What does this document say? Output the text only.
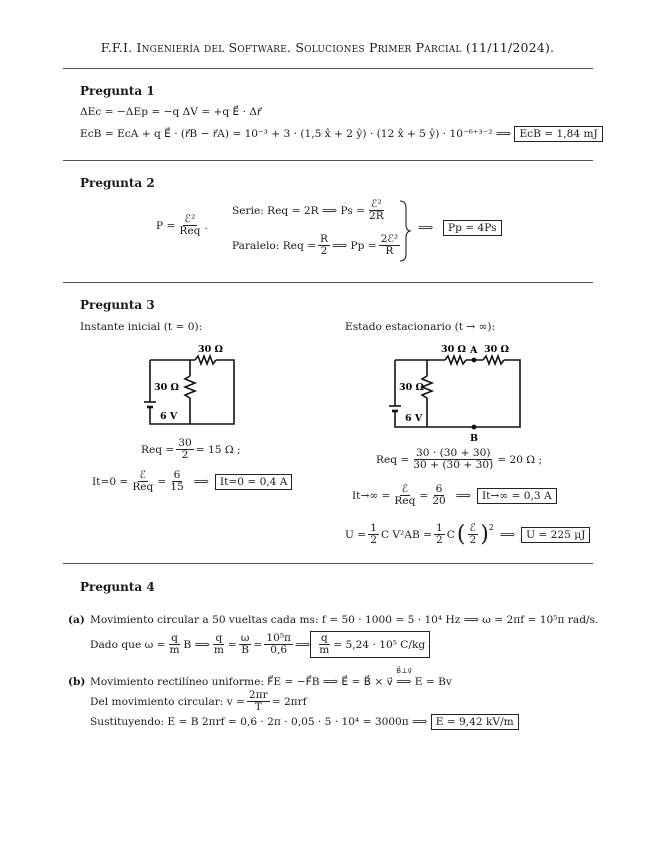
F.F.I. Ingeniería del Software. Soluciones Primer Parcial (11/11/2024).
Pregunta 1
ΔEc = −ΔEp = −q ΔV = +q E⃗ · Δr⃗
EcB = EcA + q E⃗ · (r⃗B − r⃗A) = 10⁻³ + 3 · (1,5 x̂ + 2 ŷ) · (12 x̂ + 5 ŷ) · 10⁻⁶⁺³⁻² ⟹ EcB = 1,84 mJ
Pregunta 2
$P = \frac{\text{ℰ²}}{\text{Req}}$ .
Serie: Req = 2R ⟹ $Ps = \frac{\text{ℰ²}}{2R}$
Paralelo: Req = $\frac{R}{2}$ ⟹ $Pp = \frac{\text{2ℰ²}}{R}$
⟹	Pp = 4Ps
Pregunta 3
Instante inicial (t = 0):	Estado estacionario (t → ∞):
30 Ω
30 Ω
6 V
30 Ω A 30 Ω
30 Ω
6 V
B
Req = $\frac{30}{2} = 15$ Ω ;
$It=0 = \frac{\text{ℰ}}{\text{Req}} = \frac{6}{15}$ ⟹	It=0 = 0,4 A
Req = $\frac{30 \cdot (30 + 30)}{30 + (30 + 30)} = 20$ Ω ;
$It\to\infty = \frac{\text{ℰ}}{\text{Req}} = \frac{6}{20}$ ⟹	It→∞ = 0,3 A
$U = \frac{1}{2}$ C $V^2AB = \frac{1}{2}$ C ( $\frac{\text{ℰ}}{2} )^2$
⟹	U = 225 μJ
Pregunta 4
(a) Movimiento circular a 50 vueltas cada ms: f = 50 · 1000 = 5 · 10⁴ Hz ⟹ ω = 2πf = 10⁵π rad/s.
Dado que $\omega = \frac{q}{m}$ B ⟹ $\frac{q}{m} = \frac{\omega}{B} = \frac{\text{10⁵π}}{0,6}$ ⟹ $\frac{q}{m} = 5,24 \cdot 10^5$ C/kg
(b) Movimiento rectilíneo uniforme: F⃗E = −F⃗B ⟹ E⃗ = B⃗ × v⃗
B⃗⊥v⃗
⟹ E = Bv
Del movimiento circular: $v = \frac{2\pi r}{T} = 2\pi rf$
Sustituyendo: E = B 2πrf = 0,6 · 2π · 0,05 · 5 · 10⁴ = 3000π ⟹ E = 9,42 kV/m
